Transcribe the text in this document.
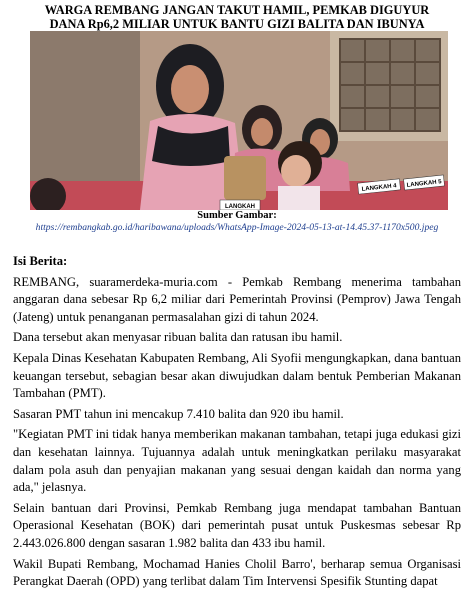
WARGA REMBANG JANGAN TAKUT HAMIL, PEMKAB DIGUYUR
DANA Rp6,2 MILIAR UNTUK BANTU GIZI BALITA DAN IBUNYA
LANGKAH
LANGKAH 4 LANGKAH 5
Sumber Gambar:
https://rembangkab.go.id/haribawana/uploads/WhatsApp-Image-2024-05-13-at-14.45.37-1170x500.jpeg

Isi Berita:

REMBANG, suaramerdeka-muria.com - Pemkab Rembang menerima tambahan anggaran dana sebesar Rp 6,2 miliar dari Pemerintah Provinsi (Pemprov) Jawa Tengah (Jateng) untuk penanganan permasalahan gizi di tahun 2024.

Dana tersebut akan menyasar ribuan balita dan ratusan ibu hamil.

Kepala Dinas Kesehatan Kabupaten Rembang, Ali Syofii mengungkapkan, dana bantuan keuangan tersebut, sebagian besar akan diwujudkan dalam bentuk Pemberian Makanan Tambahan (PMT).

Sasaran PMT tahun ini mencakup 7.410 balita dan 920 ibu hamil.

"Kegiatan PMT ini tidak hanya memberikan makanan tambahan, tetapi juga edukasi gizi dan kesehatan lainnya. Tujuannya adalah untuk meningkatkan perilaku masyarakat dalam pola asuh dan penyajian makanan yang sesuai dengan kaidah dan norma yang ada," jelasnya.

Selain bantuan dari Provinsi, Pemkab Rembang juga mendapat tambahan Bantuan Operasional Kesehatan (BOK) dari pemerintah pusat untuk Puskesmas sebesar Rp 2.443.026.800 dengan sasaran 1.982 balita dan 433 ibu hamil.

Wakil Bupati Rembang, Mochamad Hanies Cholil Barro', berharap semua Organisasi Perangkat Daerah (OPD) yang terlibat dalam Tim Intervensi Spesifik Stunting dapat
